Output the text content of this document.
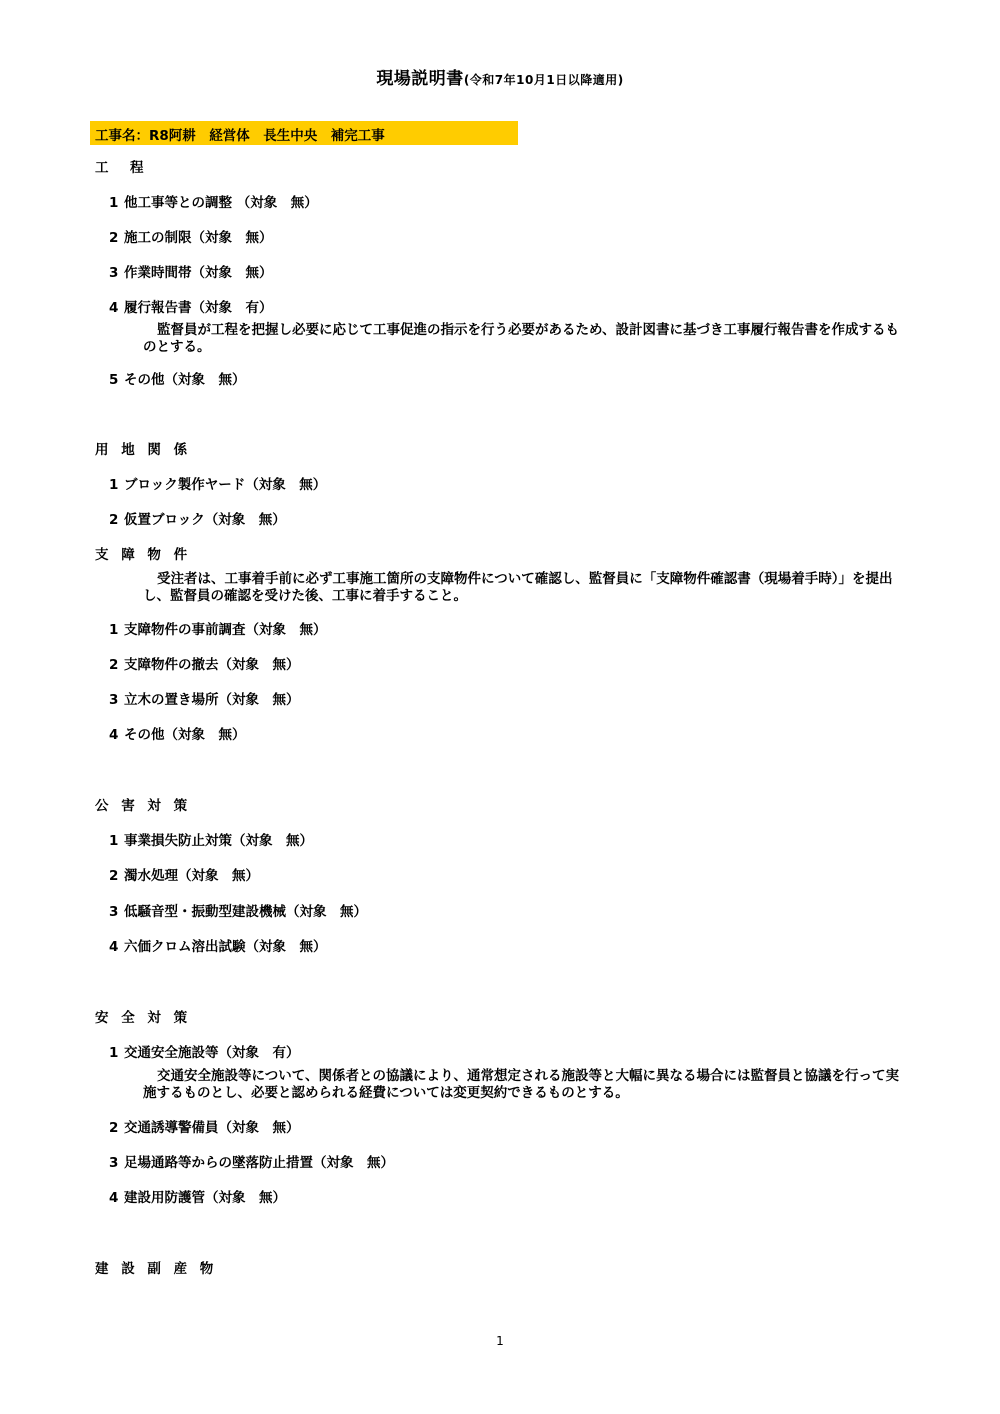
現場説明書(令和7年10月1日以降適用)
工事名：R8阿耕　経営体　長生中央　補完工事
工　程
1 他工事等との調整 （対象　無）
2 施工の制限（対象　無）
3 作業時間帯（対象　無）
4 履行報告書（対象　有）
監督員が工程を把握し必要に応じて工事促進の指示を行う必要があるため、設計図書に基づき工事履行報告書を作成するものとする。
5 その他（対象　無）
用 地 関 係
1 ブロック製作ヤード（対象　無）
2 仮置ブロック（対象　無）
支 障 物 件
受注者は、工事着手前に必ず工事施工箇所の支障物件について確認し、監督員に「支障物件確認書（現場着手時）」を提出し、監督員の確認を受けた後、工事に着手すること。
1 支障物件の事前調査（対象　無）
2 支障物件の撤去（対象　無）
3 立木の置き場所（対象　無）
4 その他（対象　無）
公 害 対 策
1 事業損失防止対策（対象　無）
2 濁水処理（対象　無）
3 低騒音型・振動型建設機械（対象　無）
4 六価クロム溶出試験（対象　無）
安 全 対 策
1 交通安全施設等（対象　有）
交通安全施設等について、関係者との協議により、通常想定される施設等と大幅に異なる場合には監督員と協議を行って実施するものとし、必要と認められる経費については変更契約できるものとする。
2 交通誘導警備員（対象　無）
3 足場通路等からの墜落防止措置（対象　無）
4 建設用防護管（対象　無）
建 設 副 産 物
1
